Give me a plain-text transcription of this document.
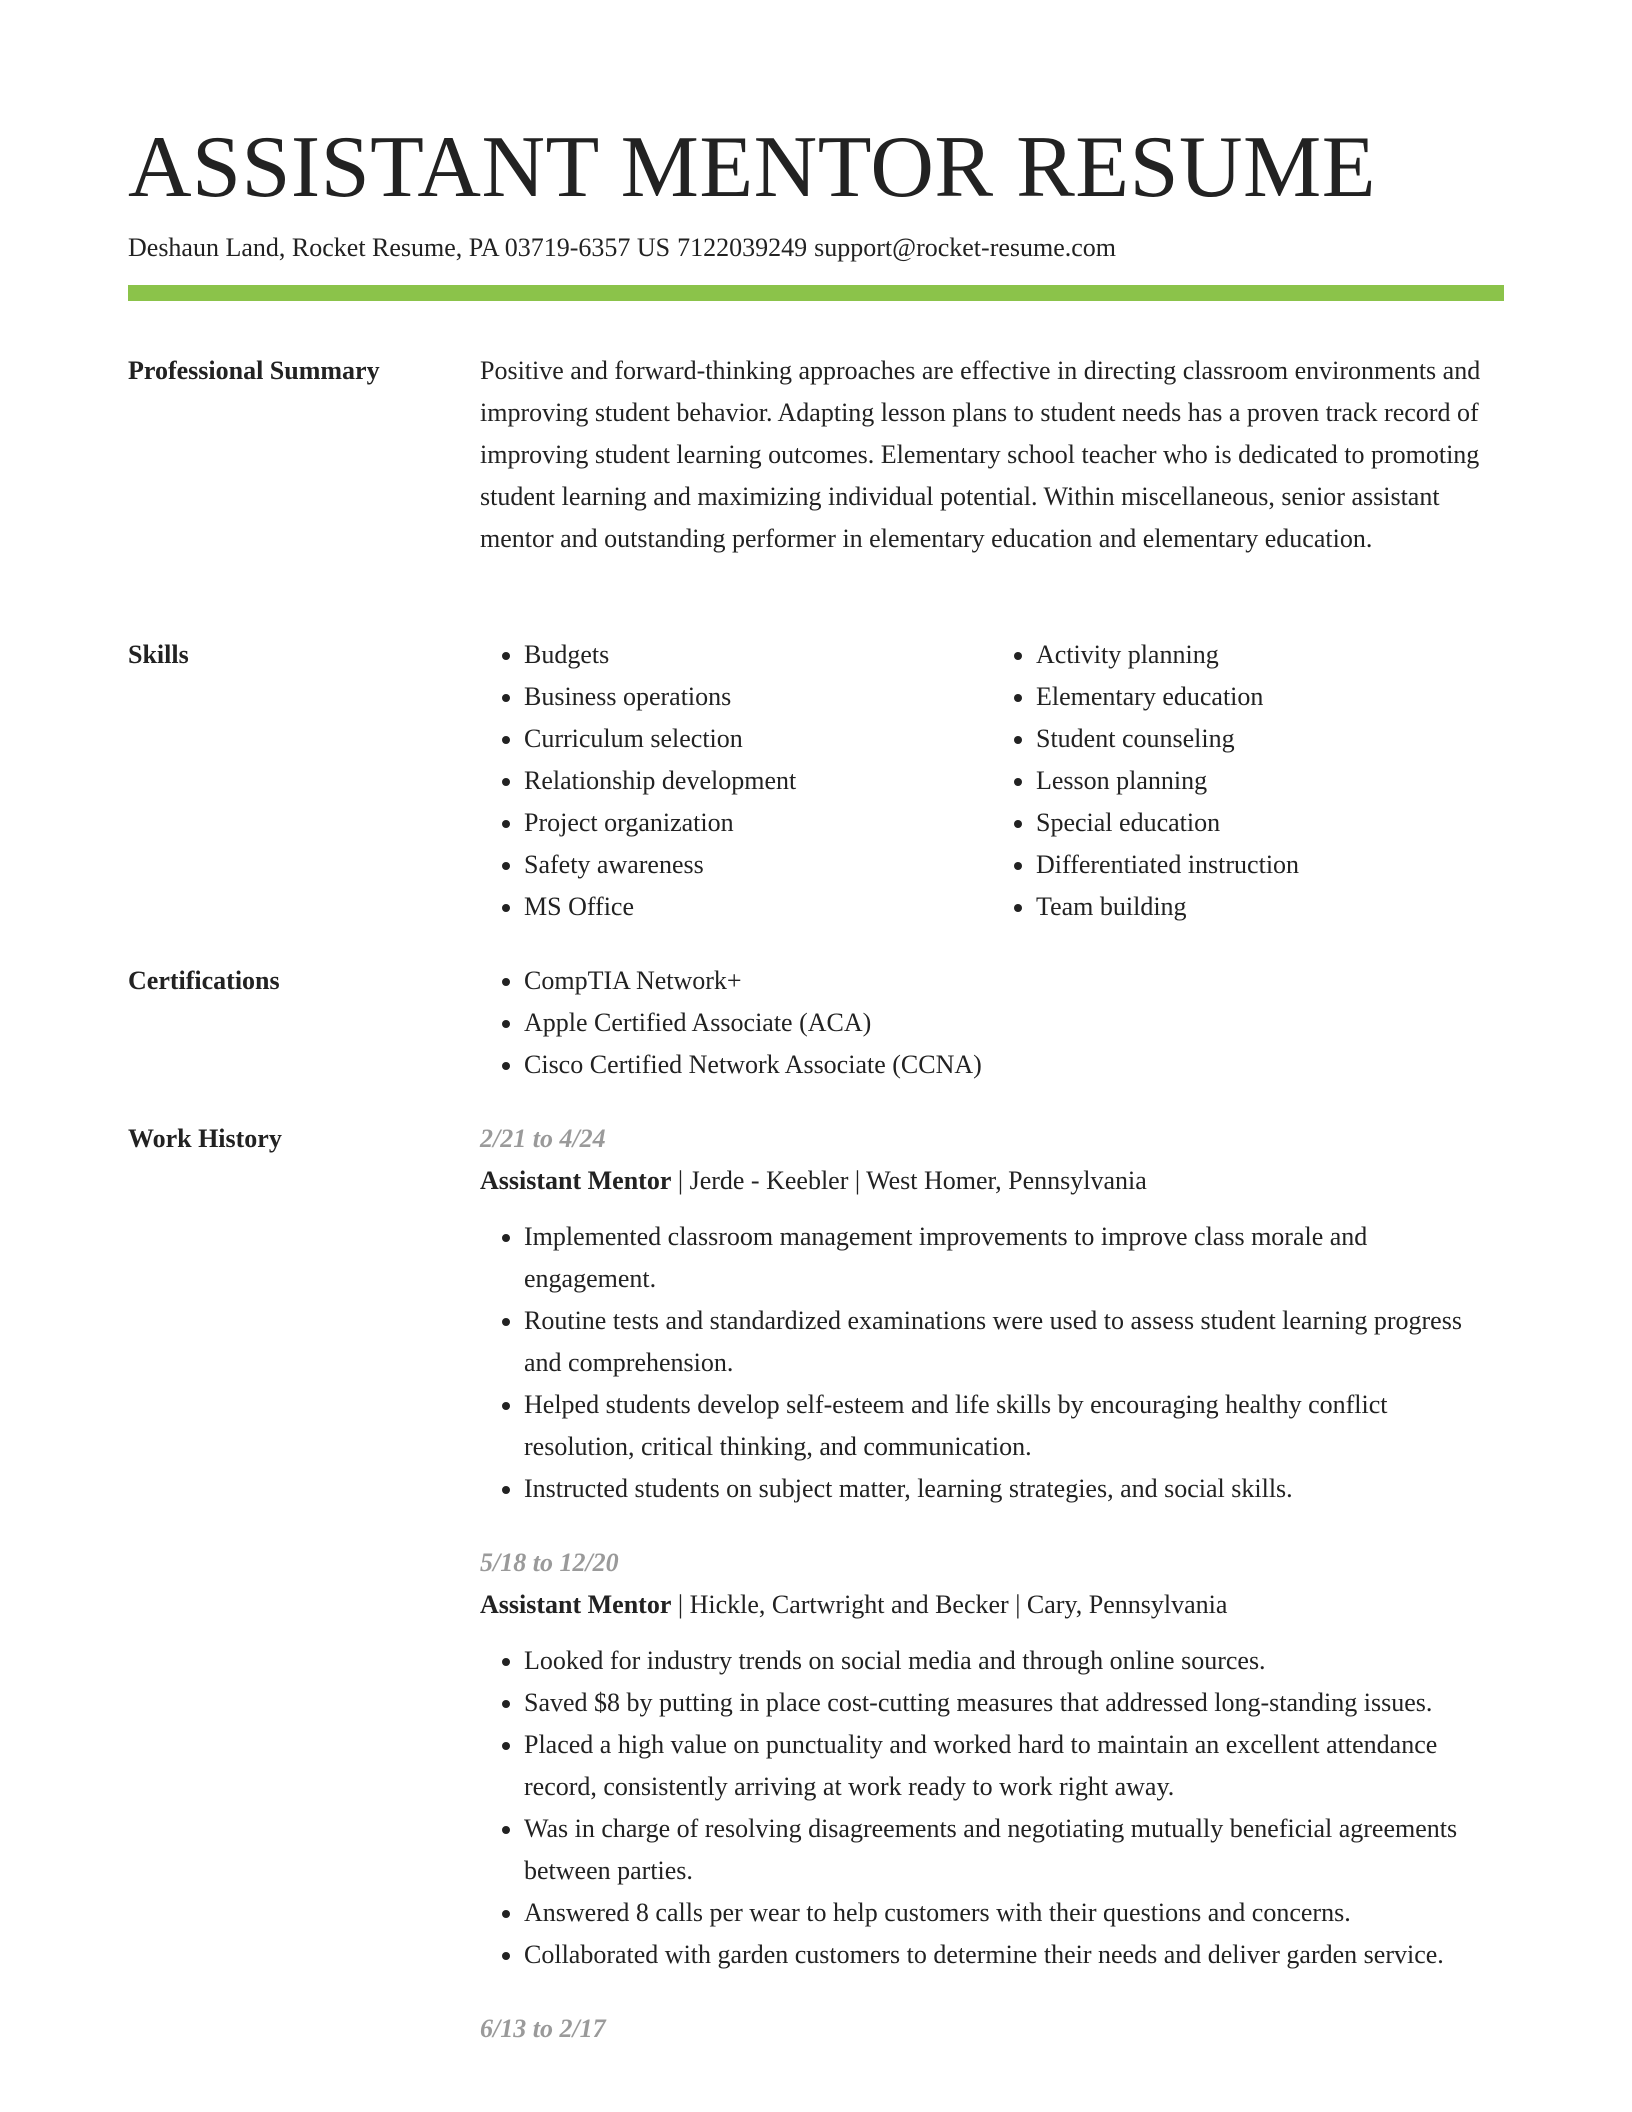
ASSISTANT MENTOR RESUME
Deshaun Land, Rocket Resume, PA 03719-6357 US 7122039249 support@rocket-resume.com
Professional Summary	Positive and forward-thinking approaches are effective in directing classroom environments and improving student behavior. Adapting lesson plans to student needs has a proven track record of improving student learning outcomes. Elementary school teacher who is dedicated to promoting student learning and maximizing individual potential. Within miscellaneous, senior assistant mentor and outstanding performer in elementary education and elementary education.

Skills	• Budgets
• Business operations
• Curriculum selection
• Relationship development
• Project organization
• Safety awareness
• MS Office
• Activity planning
• Elementary education
• Student counseling
• Lesson planning
• Special education
• Differentiated instruction
• Team building
Certifications	• CompTIA Network+
• Apple Certified Associate (ACA)
• Cisco Certified Network Associate (CCNA)
Work History	2/21 to 4/24
Assistant Mentor | Jerde - Keebler | West Homer, Pennsylvania
• Implemented classroom management improvements to improve class morale and engagement.
• Routine tests and standardized examinations were used to assess student learning progress and comprehension.
• Helped students develop self-esteem and life skills by encouraging healthy conflict resolution, critical thinking, and communication.
• Instructed students on subject matter, learning strategies, and social skills.
5/18 to 12/20
Assistant Mentor | Hickle, Cartwright and Becker | Cary, Pennsylvania
• Looked for industry trends on social media and through online sources.
• Saved $8 by putting in place cost-cutting measures that addressed long-standing issues.
• Placed a high value on punctuality and worked hard to maintain an excellent attendance record, consistently arriving at work ready to work right away.
• Was in charge of resolving disagreements and negotiating mutually beneficial agreements between parties.
• Answered 8 calls per wear to help customers with their questions and concerns.
• Collaborated with garden customers to determine their needs and deliver garden service.
6/13 to 2/17
